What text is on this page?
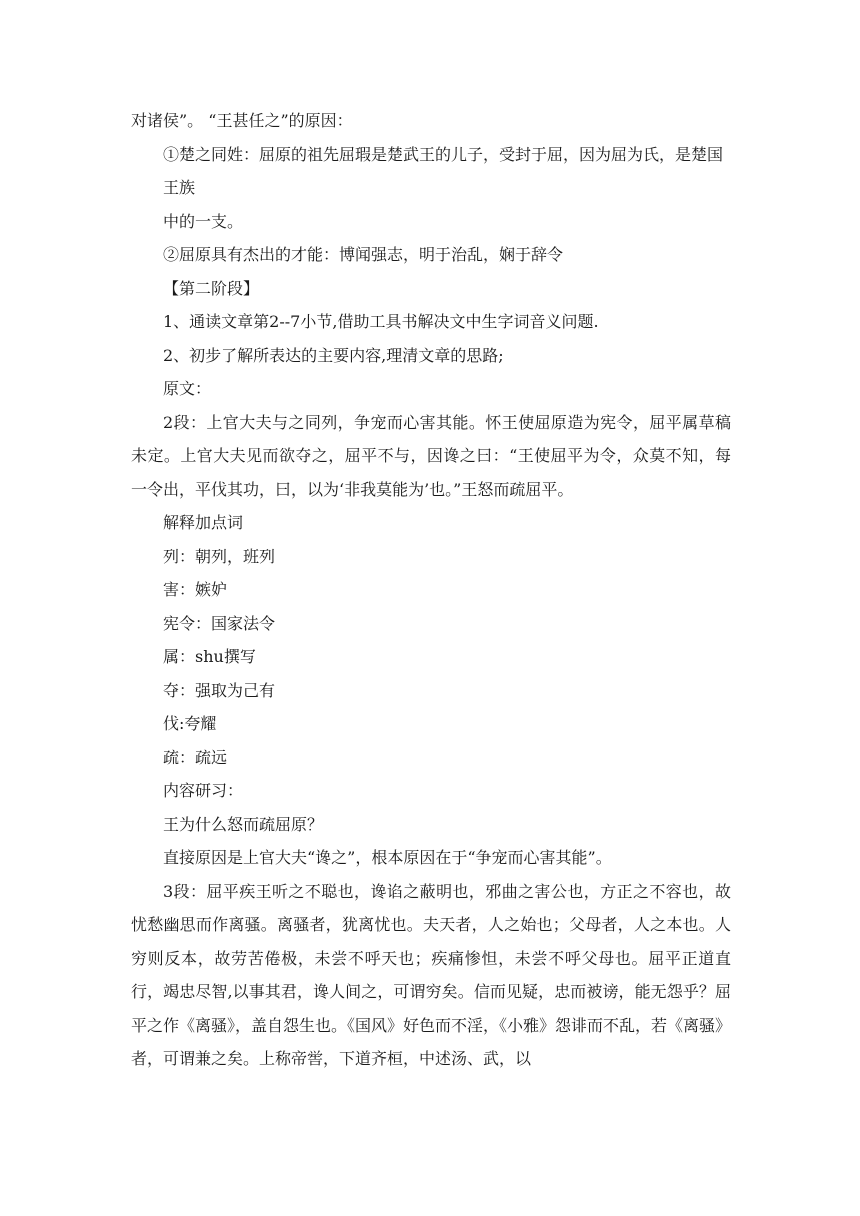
对诸侯”。 “王甚任之”的原因：

①楚之同姓：屈原的祖先屈瑕是楚武王的儿子，受封于屈，因为屈为氏，是楚国王族

中的一支。

②屈原具有杰出的才能：博闻强志，明于治乱，娴于辞令

【第二阶段】

1、通读文章第2--7小节,借助工具书解决文中生字词音义问题.

2、初步了解所表达的主要内容,理清文章的思路;

原文：

2段：上官大夫与之同列，争宠而心害其能。怀王使屈原造为宪令，屈平属草稿未定。上官大夫见而欲夺之，屈平不与，因谗之曰：“王使屈平为令，众莫不知，每一令出，平伐其功，曰，以为‘非我莫能为’也。”王怒而疏屈平。

解释加点词

列：朝列，班列

害：嫉妒

宪令：国家法令

属：shu撰写

夺：强取为己有

伐:夸耀

疏：疏远

内容研习：

王为什么怒而疏屈原？

直接原因是上官大夫“谗之”，根本原因在于“争宠而心害其能”。

3段：屈平疾王听之不聪也，谗谄之蔽明也，邪曲之害公也，方正之不容也，故忧愁幽思而作离骚。离骚者，犹离忧也。夫天者，人之始也；父母者，人之本也。人穷则反本，故劳苦倦极，未尝不呼天也；疾痛惨怛，未尝不呼父母也。屈平正道直行，竭忠尽智,以事其君，谗人间之，可谓穷矣。信而见疑，忠而被谤，能无怨乎？屈平之作《离骚》，盖自怨生也。《国风》好色而不淫，《小雅》怨诽而不乱，若《离骚》者，可谓兼之矣。上称帝喾，下道齐桓，中述汤、武，以
